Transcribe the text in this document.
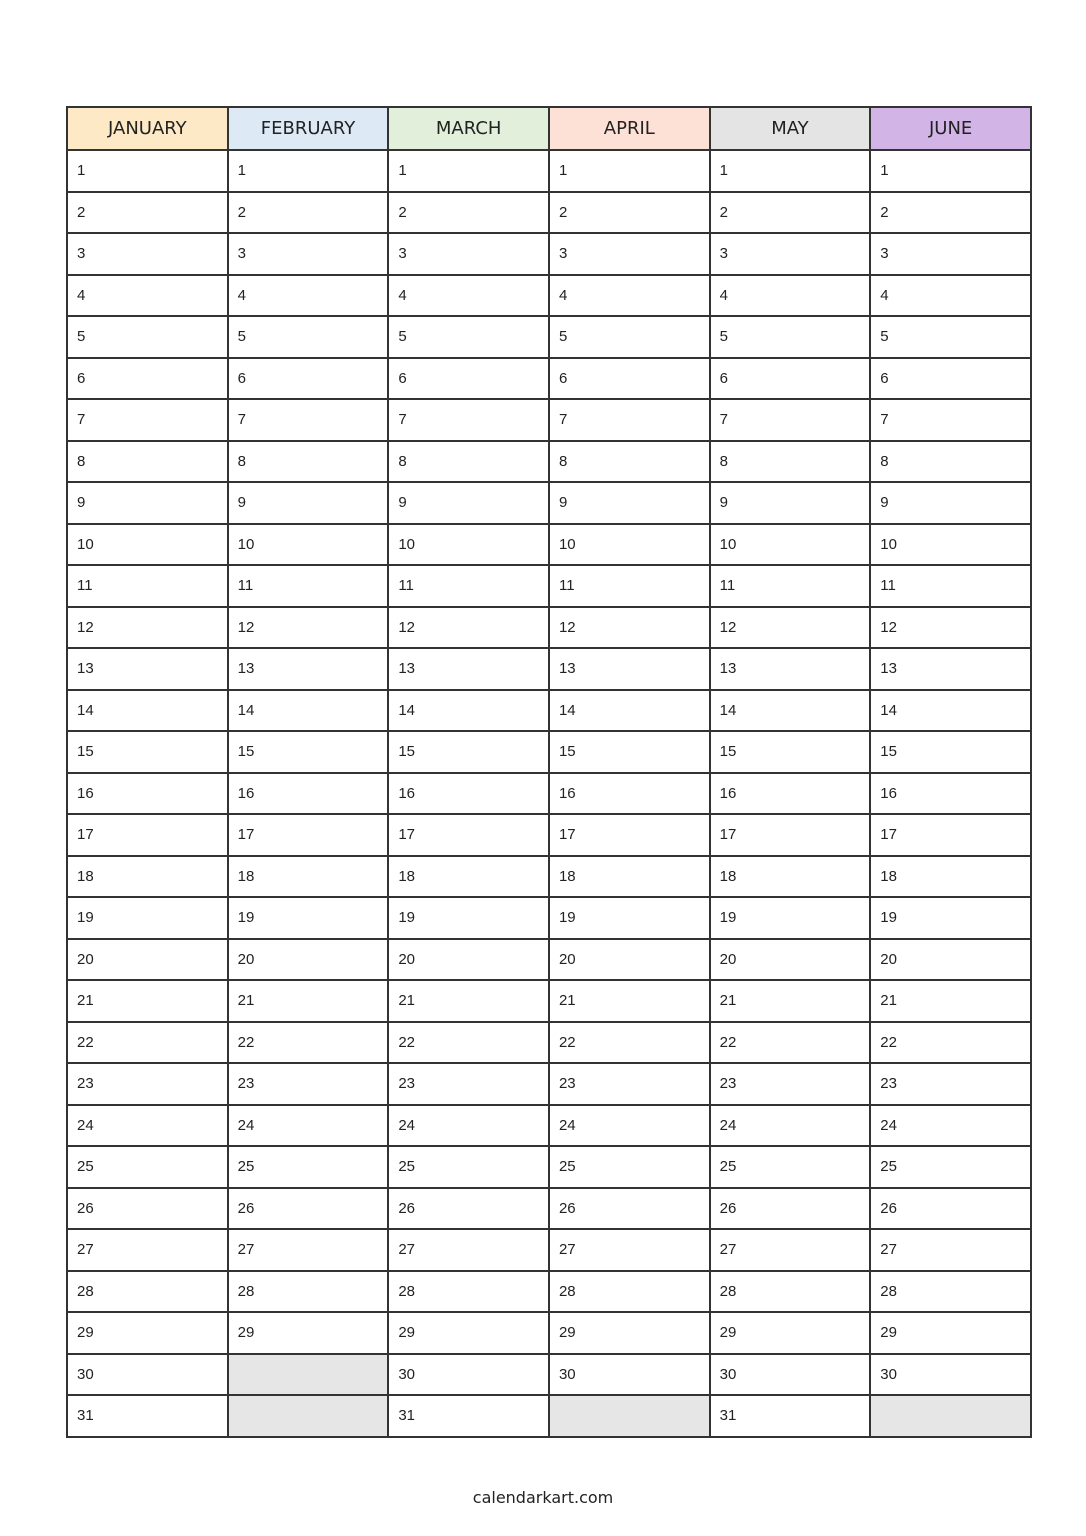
JANUARY	FEBRUARY	MARCH	APRIL	MAY	JUNE
1	1	1	1	1	1
2	2	2	2	2	2
3	3	3	3	3	3
4	4	4	4	4	4
5	5	5	5	5	5
6	6	6	6	6	6
7	7	7	7	7	7
8	8	8	8	8	8
9	9	9	9	9	9
10	10	10	10	10	10
11	11	11	11	11	11
12	12	12	12	12	12
13	13	13	13	13	13
14	14	14	14	14	14
15	15	15	15	15	15
16	16	16	16	16	16
17	17	17	17	17	17
18	18	18	18	18	18
19	19	19	19	19	19
20	20	20	20	20	20
21	21	21	21	21	21
22	22	22	22	22	22
23	23	23	23	23	23
24	24	24	24	24	24
25	25	25	25	25	25
26	26	26	26	26	26
27	27	27	27	27	27
28	28	28	28	28	28
29	29	29	29	29	29
30		30	30	30	30
31		31		31	
calendarkart.com
